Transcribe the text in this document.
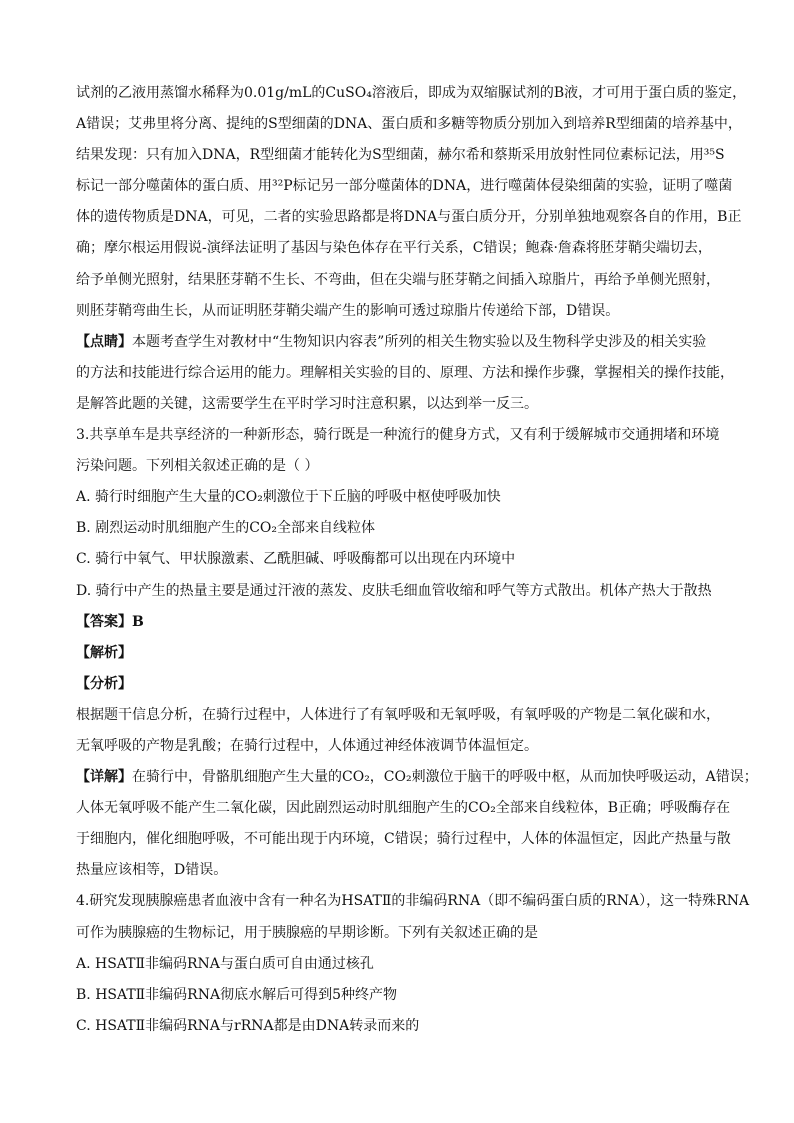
试剂的乙液用蒸馏水稀释为0.01g/mL的CuSO₄溶液后，即成为双缩脲试剂的B液，才可用于蛋白质的鉴定，
A错误；艾弗里将分离、提纯的S型细菌的DNA、蛋白质和多糖等物质分别加入到培养R型细菌的培养基中，
结果发现：只有加入DNA，R型细菌才能转化为S型细菌，赫尔希和蔡斯采用放射性同位素标记法，用³⁵S
标记一部分噬菌体的蛋白质、用³²P标记另一部分噬菌体的DNA，进行噬菌体侵染细菌的实验，证明了噬菌
体的遗传物质是DNA，可见，二者的实验思路都是将DNA与蛋白质分开，分别单独地观察各自的作用，B正
确；摩尔根运用假说-演绎法证明了基因与染色体存在平行关系，C错误；鲍森·詹森将胚芽鞘尖端切去，
给予单侧光照射，结果胚芽鞘不生长、不弯曲，但在尖端与胚芽鞘之间插入琼脂片，再给予单侧光照射，
则胚芽鞘弯曲生长，从而证明胚芽鞘尖端产生的影响可透过琼脂片传递给下部，D错误。
【点睛】本题考查学生对教材中“生物知识内容表”所列的相关生物实验以及生物科学史涉及的相关实验
的方法和技能进行综合运用的能力。理解相关实验的目的、原理、方法和操作步骤，掌握相关的操作技能，
是解答此题的关键，这需要学生在平时学习时注意积累，以达到举一反三。
3.共享单车是共享经济的一种新形态，骑行既是一种流行的健身方式，又有利于缓解城市交通拥堵和环境
污染问题。下列相关叙述正确的是（ ）
A. 骑行时细胞产生大量的CO₂刺激位于下丘脑的呼吸中枢使呼吸加快
B. 剧烈运动时肌细胞产生的CO₂全部来自线粒体
C. 骑行中氧气、甲状腺激素、乙酰胆碱、呼吸酶都可以出现在内环境中
D. 骑行中产生的热量主要是通过汗液的蒸发、皮肤毛细血管收缩和呼气等方式散出。机体产热大于散热
【答案】B
【解析】
【分析】
根据题干信息分析，在骑行过程中，人体进行了有氧呼吸和无氧呼吸，有氧呼吸的产物是二氧化碳和水，
无氧呼吸的产物是乳酸；在骑行过程中，人体通过神经体液调节体温恒定。
【详解】在骑行中，骨骼肌细胞产生大量的CO₂，CO₂刺激位于脑干的呼吸中枢，从而加快呼吸运动，A错误；
人体无氧呼吸不能产生二氧化碳，因此剧烈运动时肌细胞产生的CO₂全部来自线粒体，B正确；呼吸酶存在
于细胞内，催化细胞呼吸，不可能出现于内环境，C错误；骑行过程中，人体的体温恒定，因此产热量与散
热量应该相等，D错误。
4.研究发现胰腺癌患者血液中含有一种名为HSATⅡ的非编码RNA（即不编码蛋白质的RNA），这一特殊RNA
可作为胰腺癌的生物标记，用于胰腺癌的早期诊断。下列有关叙述正确的是
A. HSATⅡ非编码RNA与蛋白质可自由通过核孔
B. HSATⅡ非编码RNA彻底水解后可得到5种终产物
C. HSATⅡ非编码RNA与rRNA都是由DNA转录而来的
